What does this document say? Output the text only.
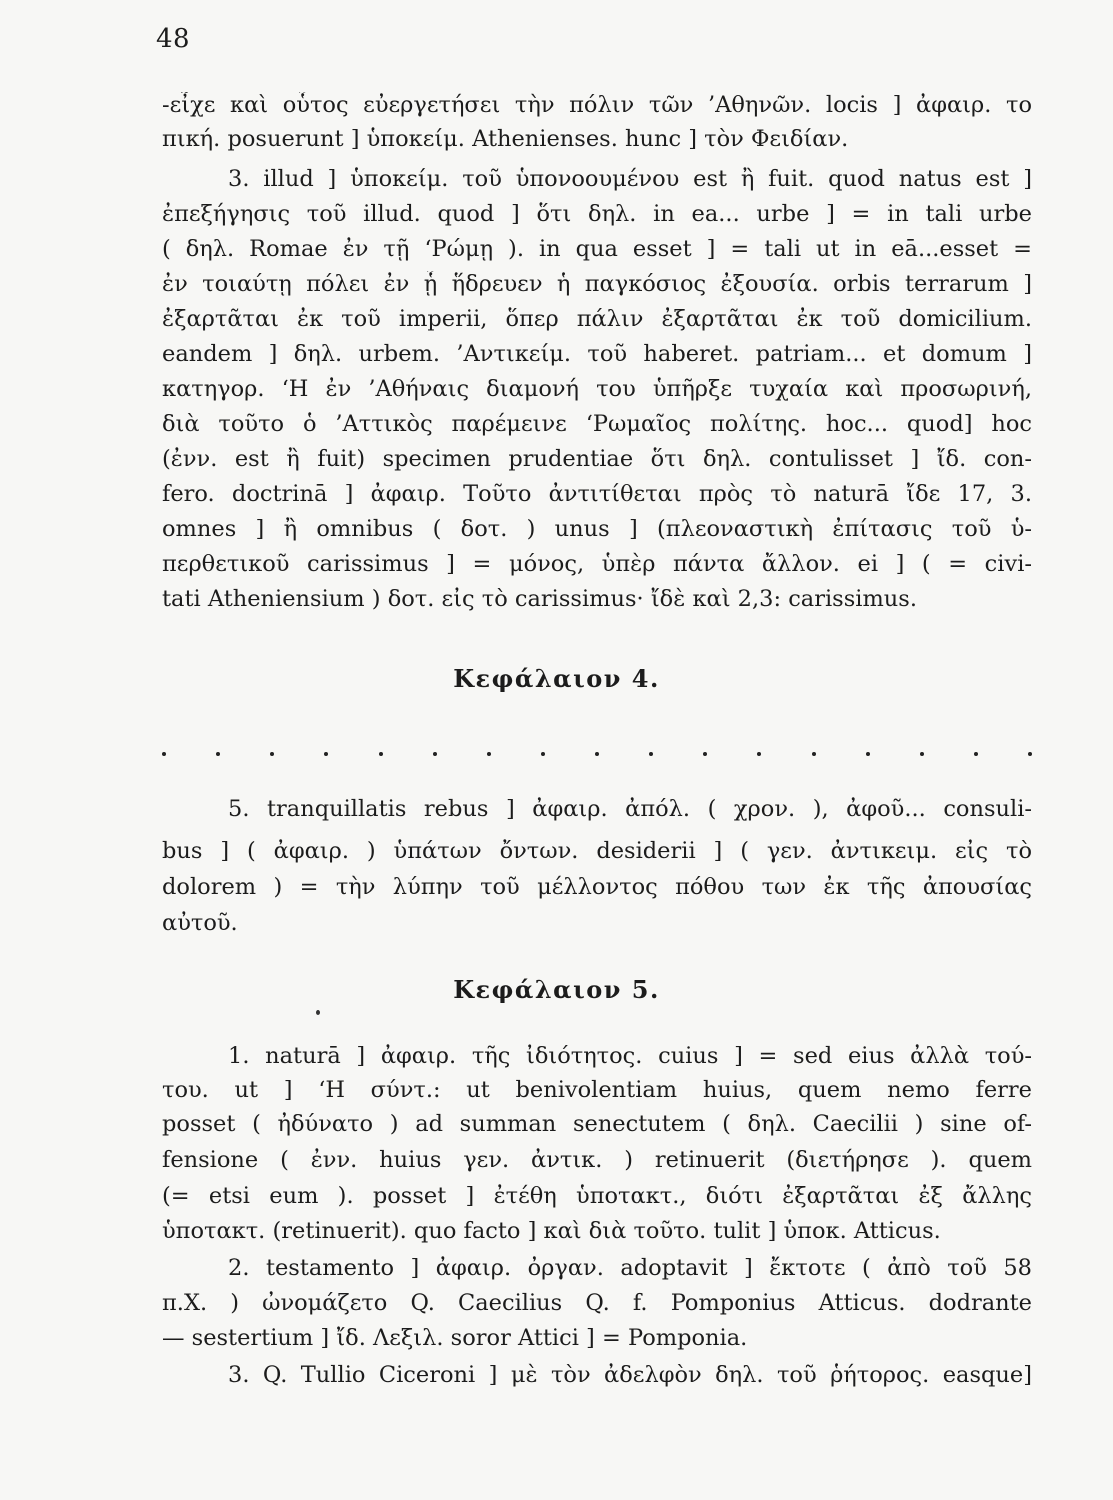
48
-εἶχε καὶ οὗτος εὐεργετήσει τὴν πόλιν τῶν ’Αθηνῶν. locis ] ἀφαιρ. το
πική. posuerunt ] ὑποκείμ. Athenienses. hunc ] τὸν Φειδίαν.
3. illud ] ὑποκείμ. τοῦ ὑπονοουμένου est ἢ fuit. quod natus est ]
ἐπεξήγησις τοῦ illud. quod ] ὅτι δηλ. in ea... urbe ] = in tali urbe
( δηλ. Romae ἐν τῇ ‘Ρώμῃ ). in qua esset ] = tali ut in eā...esset =
ἐν τοιαύτῃ πόλει ἐν ᾗ ἥδρευεν ἡ παγκόσιος ἐξουσία. orbis terrarum ]
ἐξαρτᾶται ἐκ τοῦ imperii, ὅπερ πάλιν ἐξαρτᾶται ἐκ τοῦ domicilium.
eandem ] δηλ. urbem. ’Αντικείμ. τοῦ haberet. patriam... et domum ]
κατηγορ. ‘Η ἐν ’Αθήναις διαμονή του ὑπῆρξε τυχαία καὶ προσωρινή,
διὰ τοῦτο ὁ ’Αττικὸς παρέμεινε ‘Ρωμαῖος πολίτης. hoc... quod] hoc
(ἐνν. est ἢ fuit) specimen prudentiae ὅτι δηλ. contulisset ] ἴδ. con-
fero. doctrinā ] ἀφαιρ. Τοῦτο ἀντιτίθεται πρὸς τὸ naturā ἴδε 17, 3.
omnes ] ἢ omnibus ( δοτ. ) unus ] (πλεοναστικὴ ἐπίτασις τοῦ ὑ-
περθετικοῦ carissimus ] = μόνος, ὑπὲρ πάντα ἄλλον. ei ] ( = civi-
tati Atheniensium ) δοτ. εἰς τὸ carissimus· ἴδὲ καὶ 2,3: carissimus.
Κεφάλαιον 4.
5. tranquillatis rebus ] ἀφαιρ. ἀπόλ. ( χρον. ), ἀφοῦ... consuli-
bus ] ( ἀφαιρ. ) ὑπάτων ὄντων. desiderii ] ( γεν. ἀντικειμ. εἰς τὸ
dolorem ) = τὴν λύπην τοῦ μέλλοντος πόθου των ἐκ τῆς ἀπουσίας
αὐτοῦ.
Κεφάλαιον 5.
1. naturā ] ἀφαιρ. τῆς ἰδιότητος. cuius ] = sed eius ἀλλὰ τού-
του. ut ] ‘Η σύντ.: ut benivolentiam huius, quem nemo ferre
posset ( ἠδύνατο ) ad summan senectutem ( δηλ. Caecilii ) sine of-
fensione ( ἐνν. huius γεν. ἀντικ. ) retinuerit (διετήρησε ). quem
(= etsi eum ). posset ] ἐτέθη ὑποτακτ., διότι ἐξαρτᾶται ἐξ ἄλλης
ὑποτακτ. (retinuerit). quo facto ] καὶ διὰ τοῦτο. tulit ] ὑποκ. Atticus.
2. testamento ] ἀφαιρ. ὀργαν. adoptavit ] ἔκτοτε ( ἀπὸ τοῦ 58
π.Χ. ) ὠνομάζετο Q. Caecilius Q. f. Pomponius Atticus. dodrante
— sestertium ] ἴδ. Λεξιλ. soror Attici ] = Pomponia.
3. Q. Tullio Ciceroni ] μὲ τὸν ἀδελφὸν δηλ. τοῦ ῥήτορος. easque]
